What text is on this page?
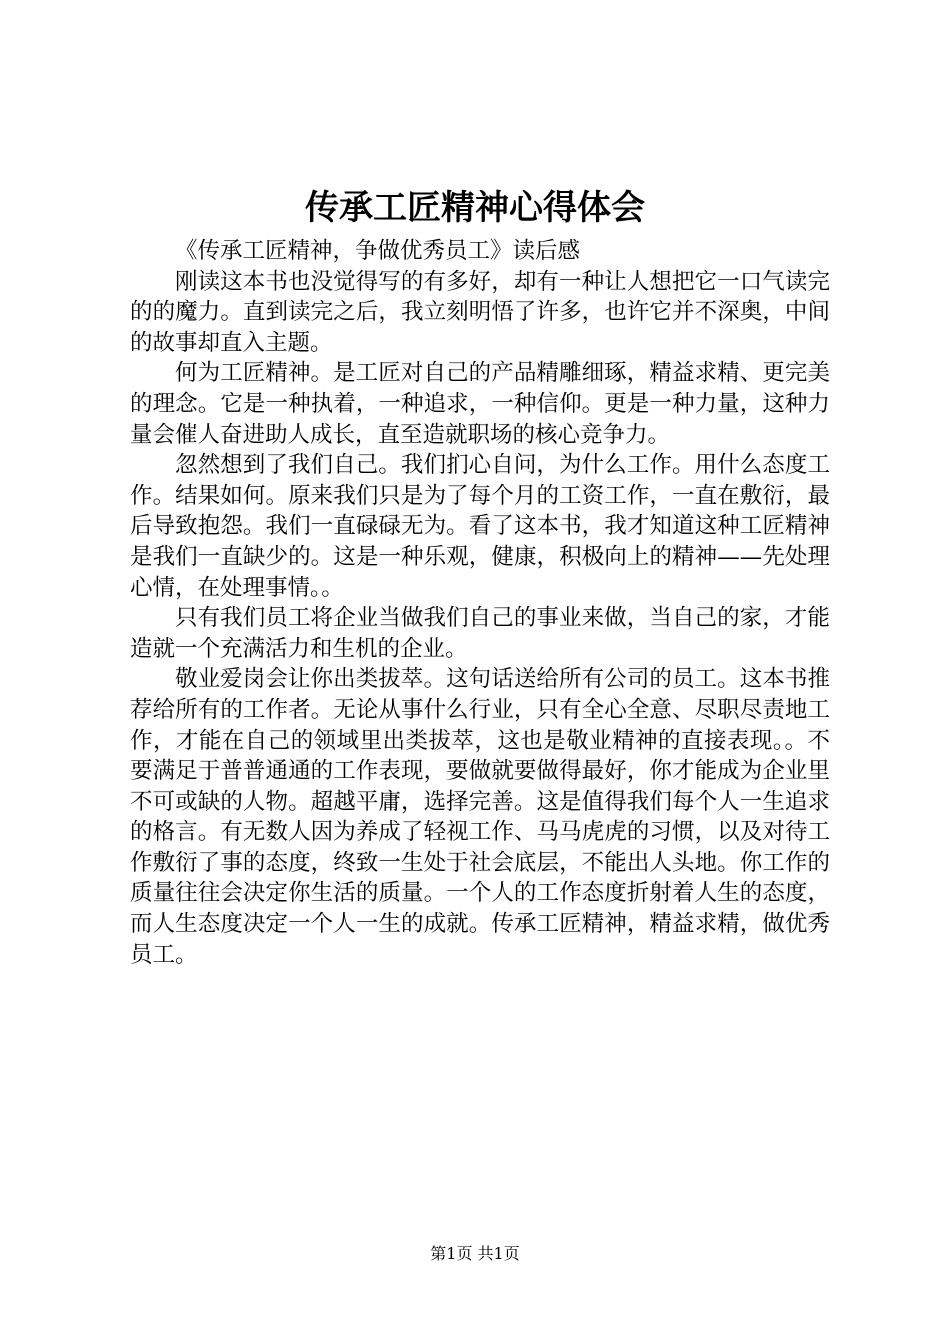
传承工匠精神心得体会

《传承工匠精神，争做优秀员工》读后感

刚读这本书也没觉得写的有多好，却有一种让人想把它一口气读完的的魔力。直到读完之后，我立刻明悟了许多，也许它并不深奥，中间的故事却直入主题。

何为工匠精神。是工匠对自己的产品精雕细琢，精益求精、更完美的理念。它是一种执着，一种追求，一种信仰。更是一种力量，这种力量会催人奋进助人成长，直至造就职场的核心竞争力。

忽然想到了我们自己。我们扪心自问，为什么工作。用什么态度工作。结果如何。原来我们只是为了每个月的工资工作，一直在敷衍，最后导致抱怨。我们一直碌碌无为。看了这本书，我才知道这种工匠精神是我们一直缺少的。这是一种乐观，健康，积极向上的精神——先处理心情，在处理事情。。

只有我们员工将企业当做我们自己的事业来做，当自己的家，才能造就一个充满活力和生机的企业。

敬业爱岗会让你出类拔萃。这句话送给所有公司的员工。这本书推荐给所有的工作者。无论从事什么行业，只有全心全意、尽职尽责地工作，才能在自己的领域里出类拔萃，这也是敬业精神的直接表现。。不要满足于普普通通的工作表现，要做就要做得最好，你才能成为企业里不可或缺的人物。超越平庸，选择完善。这是值得我们每个人一生追求的格言。有无数人因为养成了轻视工作、马马虎虎的习惯，以及对待工作敷衍了事的态度，终致一生处于社会底层，不能出人头地。你工作的质量往往会决定你生活的质量。一个人的工作态度折射着人生的态度，而人生态度决定一个人一生的成就。传承工匠精神，精益求精，做优秀员工。

第1页 共1页
